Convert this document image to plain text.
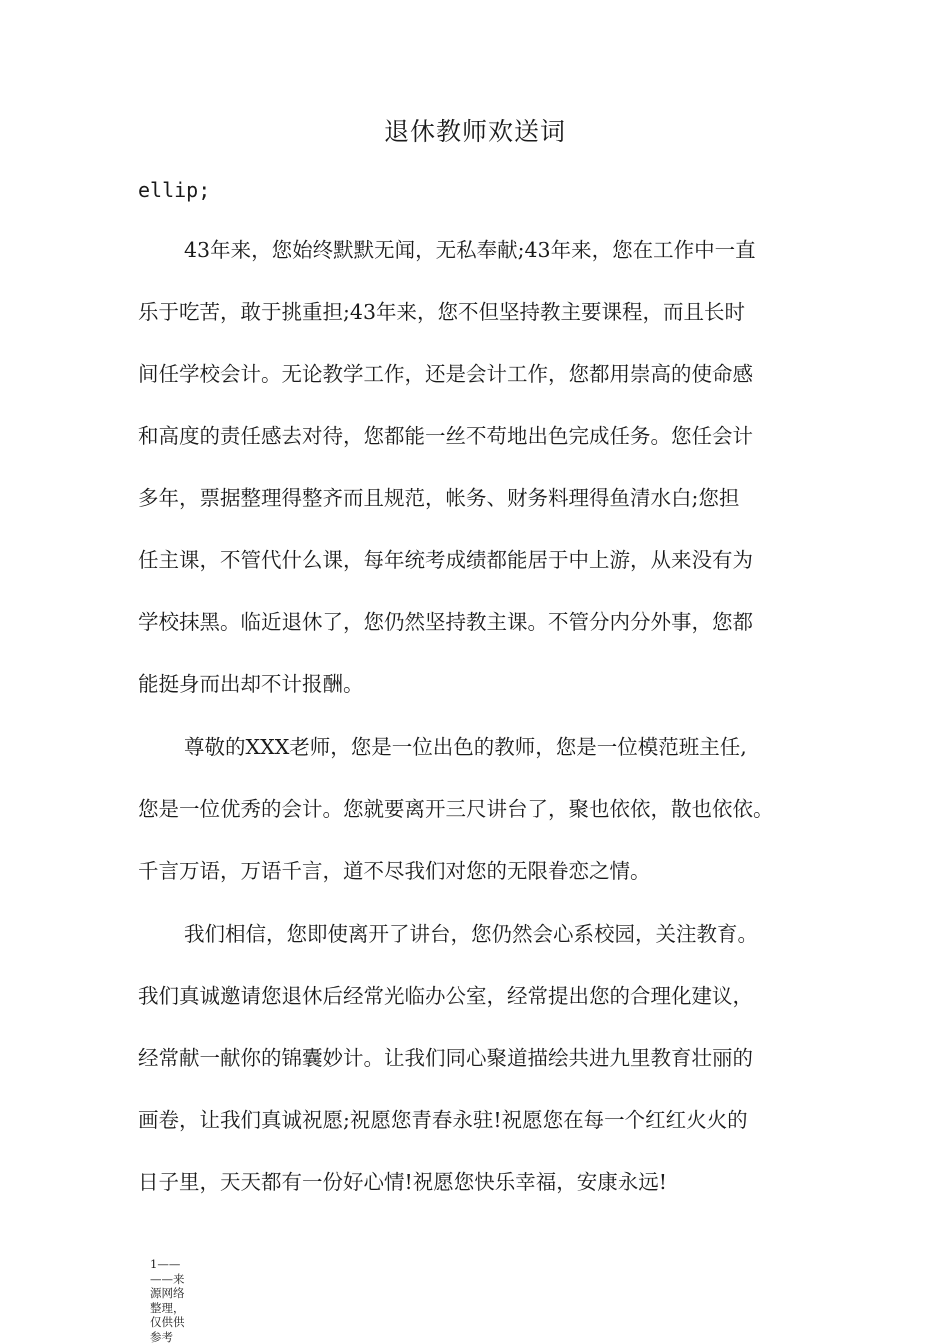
退休教师欢送词
ellip;
43年来，您始终默默无闻，无私奉献;43年来，您在工作中一直
乐于吃苦，敢于挑重担;43年来，您不但坚持教主要课程，而且长时
间任学校会计。无论教学工作，还是会计工作，您都用崇高的使命感
和高度的责任感去对待，您都能一丝不苟地出色完成任务。您任会计
多年，票据整理得整齐而且规范，帐务、财务料理得鱼清水白;您担
任主课，不管代什么课，每年统考成绩都能居于中上游，从来没有为
学校抹黑。临近退休了，您仍然坚持教主课。不管分内分外事，您都
能挺身而出却不计报酬。
尊敬的XXX老师，您是一位出色的教师，您是一位模范班主任,
您是一位优秀的会计。您就要离开三尺讲台了，聚也依依，散也依依。
千言万语，万语千言，道不尽我们对您的无限眷恋之情。
我们相信，您即使离开了讲台，您仍然会心系校园，关注教育。
我们真诚邀请您退休后经常光临办公室，经常提出您的合理化建议，
经常献一献你的锦囊妙计。让我们同心聚道描绘共进九里教育壮丽的
画卷，让我们真诚祝愿;祝愿您青春永驻!祝愿您在每一个红红火火的
日子里，天天都有一份好心情!祝愿您快乐幸福，安康永远!
1——
——来
源网络
整理，
仅供供
参考
